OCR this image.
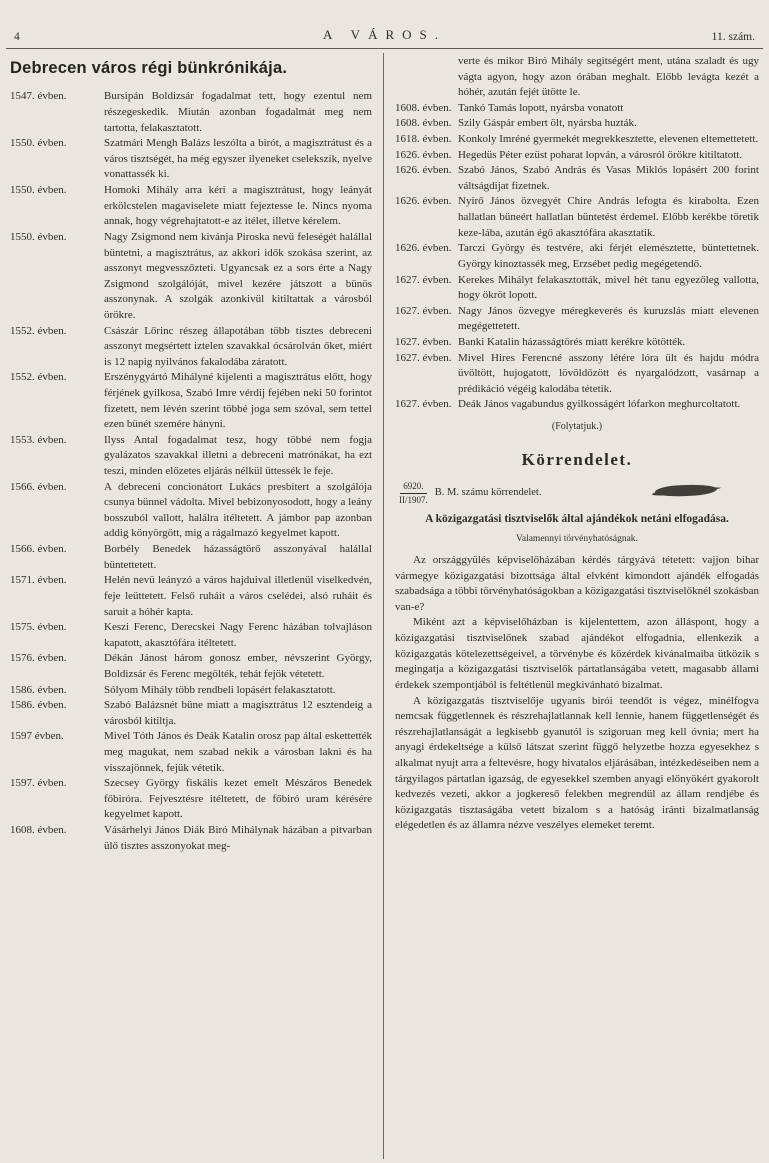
4	A VÁROS.	11. szám.
Debrecen város régi bünkrónikája.
1547. évben.	Bursipán Boldizsár fogadalmat tett, hogy ezentul nem részegeskedik. Miután azonban fogadalmát meg nem tartotta, felakasztatott.
1550. évben.	Szatmári Mengh Balázs leszólta a birót, a magisztrátust és a város tisztségét, ha még egyszer ilyeneket cselekszik, nyelve vonattassék ki.
1550. évben.	Homoki Mihály arra kéri a magisztrátust, hogy leányát erkölcstelen magaviselete miatt fejeztesse le. Nincs nyoma annak, hogy végrehajtatott-e az itélet, illetve kérelem.
1550. évben.	Nagy Zsigmond nem kivánja Piroska nevü feleségét halállal büntetni, a magisztrátus, az akkori idők szokása szerint, az asszonyt megvesszőzteti. Ugyancsak ez a sors érte a Nagy Zsigmond szolgálóját, mivel kezére játszott a bünös asszonynak. A szolgák azonkivül kitiltattak a városból örökre.
1552. évben.	Császár Lőrinc részeg állapotában több tisztes debreceni asszonyt megsértett iztelen szavakkal ócsárolván őket, miért is 12 napig nyilvános fakalodába záratott.
1552. évben.	Erszénygyártó Mihályné kijelenti a magisztrátus előtt, hogy férjének gyilkosa, Szabó Imre vérdij fejében neki 50 forintot fizetett, nem lévén szerint többé joga sem szóval, sem tettel ezen bünét szemére hányni.
1553. évben.	Ilyss Antal fogadalmat tesz, hogy többé nem fogja gyalázatos szavakkal illetni a debreceni matrónákat, ha ezt teszi, minden előzetes eljárás nélkül üttessék le feje.
1566. évben.	A debreceni concionátort Lukács presbitert a szolgálója csunya bünnel vádolta. Mivel bebizonyosodott, hogy a leány bosszuból vallott, halálra itéltetett. A jámbor pap azonban addig könyörgött, mig a rágalmazó kegyelmet kapott.
1566. évben.	Borbély Benedek házasságtörő asszonyával halállal büntettetett.
1571. évben.	Helén nevü leányzó a város hajduival illetlenül viselkedvén, feje leüttetett. Felső ruháit a város cselédei, alsó ruháit és saruit a hóhér kapta.
1575. évben.	Keszi Ferenc, Derecskei Nagy Ferenc házában tolvajláson kapatott, akasztófára itéltetett.
1576. évben.	Dékán Jánost három gonosz ember, névszerint György, Boldizsár és Ferenc megölték, tehát fejök vétetett.
1586. évben.	Sólyom Mihály több rendbeli lopásért felakasztatott.
1586. évben.	Szabó Balázsnét büne miatt a magisztrátus 12 esztendeig a városból kitiltja.
1597 évben.	Mivel Tóth János és Deák Katalin orosz pap által eskettették meg magukat, nem szabad nekik a városban lakni és ha visszajönnek, fejük vétetik.
1597. évben.	Szecsey György fiskális kezet emelt Mészáros Benedek főbiróra. Fejvesztésre itéltetett, de főbiró uram kérésére kegyelmet kapott.
1608. évben.	Vásárhelyi János Diák Biró Mihálynak házában a pitvarban ülő tisztes asszonyokat meg-

verte és mikor Biró Mihály segitségért ment, utána szaladt és ugy vágta agyon, hogy azon órában meghalt. Előbb levágta kezét a hóhér, azután fejét ütötte le.

1608. évben. Tankó Tamás lopott, nyársba vonatott
1608. évben. Szily Gáspár embert ölt, nyársba huzták.
1618. évben. Konkoly Imréné gyermekét megrekkesztette, elevenen eltemettetett.
1626. évben. Hegedüs Péter ezüst poharat lopván, a városról örökre kitiltatott.
1626. évben. Szabó János, Szabó András és Vasas Miklós lopásért 200 forint váltságdijat fizetnek.
1626. évben. Nyirő János özvegyét Chire András lefogta és kirabolta. Ezen hallatlan büneért hallatlan büntetést érdemel. Előbb kerékbe töretik keze-lába, azután égő akasztófára akasztatik.
1626. évben. Tarczi György és testvére, aki férjét elemésztette, büntettetnek. György kinoztassék meg, Erzsébet pedig megégetendő.
1627. évben. Kerekes Mihályt felakasztották, mivel hét tanu egyezőleg vallotta, hogy ökröt lopott.
1627. évben. Nagy János özvegye méregkeverés és kuruzslás miatt elevenen megégettetett.
1627. évben. Banki Katalin házasságtörés miatt kerékre kötötték.
1627. évben. Mivel Hires Ferencné asszony létére lóra ült és hajdu módra üvöltött, hujogatott, lövöldözött és nyargalódzott, vasárnap a prédikáció végéig kalodába tétetik.
1627. évben. Deák János vagabundus gyilkosságért lófarkon meghurcoltatott.

(Folytatjuk.)

Körrendelet.
$\frac{6920.}{II/1907.} B$. M. számu körrendelet.
A közigazgatási tisztviselők által ajándékok netáni elfogadása.
Valamennyi törvényhatóságnak.

Az országgyülés képviselőházában kérdés tárgyává tétetett: vajjon bihar vármegye közigazgatási bizottsága által elvként kimondott ajándék elfogadás szabadsága a többi törvényhatóságokban a közigazgatási tisztviselőknél szokásban van-e?

Miként azt a képviselőházban is kijelentettem, azon álláspont, hogy a közigazgatási tisztviselőnek szabad ajándékot elfogadnia, ellenkezik a közigazgatás kötelezettségeivel, a törvénybe és közérdek kivánalmaiba ütközik s megingatja a közigazgatási tisztviselők pártatlanságába vetett, magasabb állami érdekek szempontjából is feltétlenül megkivánható bizalmat.

A közigazgatás tisztviselője ugyanis birói teendőt is végez, minélfogva nemcsak függetlennek és részrehajlatlannak kell lennie, hanem függetlenségét és részrehajlatlanságát a legkisebb gyanutól is szigoruan meg kell óvnia; mert ha anyagi érdekeltsége a külső látszat szerint függő helyzetbe hozza egyesekhez s alkalmat nyujt arra a feltevésre, hogy hivatalos eljárásában, intézkedéseiben nem a tárgyilagos pártatlan igazság, de egyesekkel szemben anyagi előnyökért gyakorolt kedvezés vezeti, akkor a jogkereső felekben megrendül az állam rendjébe és közigazgatás tisztaságába vetett bizalom s a hatóság iránti bizalmatlanság elégedetlen és az államra nézve veszélyes elemeket teremt.
